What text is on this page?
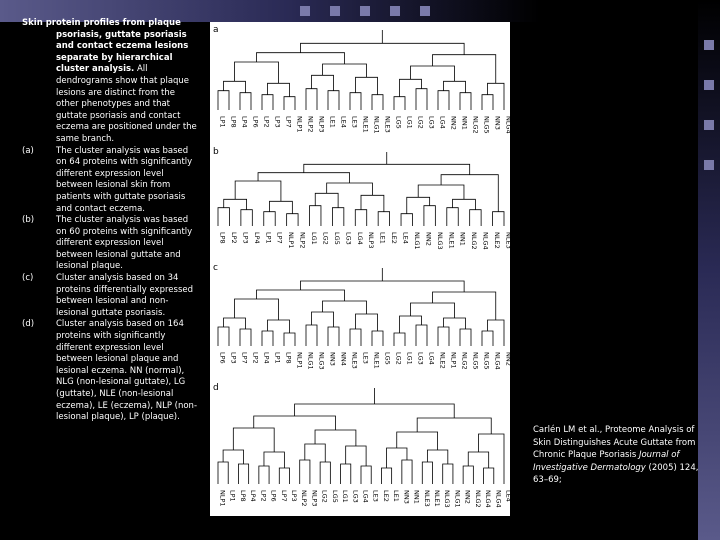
Skin protein profiles from plaque psoriasis, guttate psoriasis and contact eczema lesions separate by hierarchical cluster analysis. All dendrograms show that plaque lesions are distinct from the other phenotypes and that guttate psoriasis and contact eczema are positioned under the same branch.

(a)	The cluster analysis was based on 64 proteins with significantly different expression level between lesional skin from patients with guttate psoriasis and contact eczema.

(b)	The cluster analysis was based on 60 proteins with significantly different expression level between lesional guttate and lesional plaque.

(c)	Cluster analysis based on 34 proteins differentially expressed between lesional and non-lesional guttate psoriasis.

(d)	Cluster analysis based on 164 proteins with significantly different expression level between lesional plaque and lesional eczema. NN (normal), NLG (non-lesional guttate), LG (guttate), NLE (non-lesional eczema), LE (eczema), NLP (non-lesional plaque), LP (plaque).

a
LP1 LP8 LP4 LP6 LP2 LP3 LP7 NLP1 NLP2 NLP3 LE1 LE4 LE3 NLE1 NLG1 NLE3 LG5 LG1 LG2 LG3 LG4 NN2 NN1 NLG2 NLG5 NN3 NLG4
b
LP8 LP2 LP3 LP4 LP1 LP7 NLP1 NLP2 LG1 LG2 LG5 LG3 LG4 NLP3 LE1 LE2 LE4 NLG1 NN2 NLG3 NLE1 NN1 NLG2 NLG4 NLE2 NLE3
c
LP6 LP3 LP7 LP2 LP4 LP1 LP8 NLP1 NLG1 NLG3 NN3 NN4 NLE3 LE3 NLE1 LG5 LG2 LG1 LG3 LG4 NLE2 NLP1 NLG2 NLG5 NLG5 NLG4 NN2
d
NLP1 LP1 LP8 LP4 LP2 LP6 LP7 LP3 NLP2 NLP3 LG2 LG5 LG1 LG3 LG4 LE3 LE2 LE1 NN3 NN1 NLE3 NLE1 NLG3 NLG1 NN2 NLG2 NLG4 NLG4 LE4
Carlén LM et al., Proteome Analysis of Skin Distinguishes Acute Guttate from Chronic Plaque Psoriasis Journal of Investigative Dermatology (2005) 124, 63–69;
